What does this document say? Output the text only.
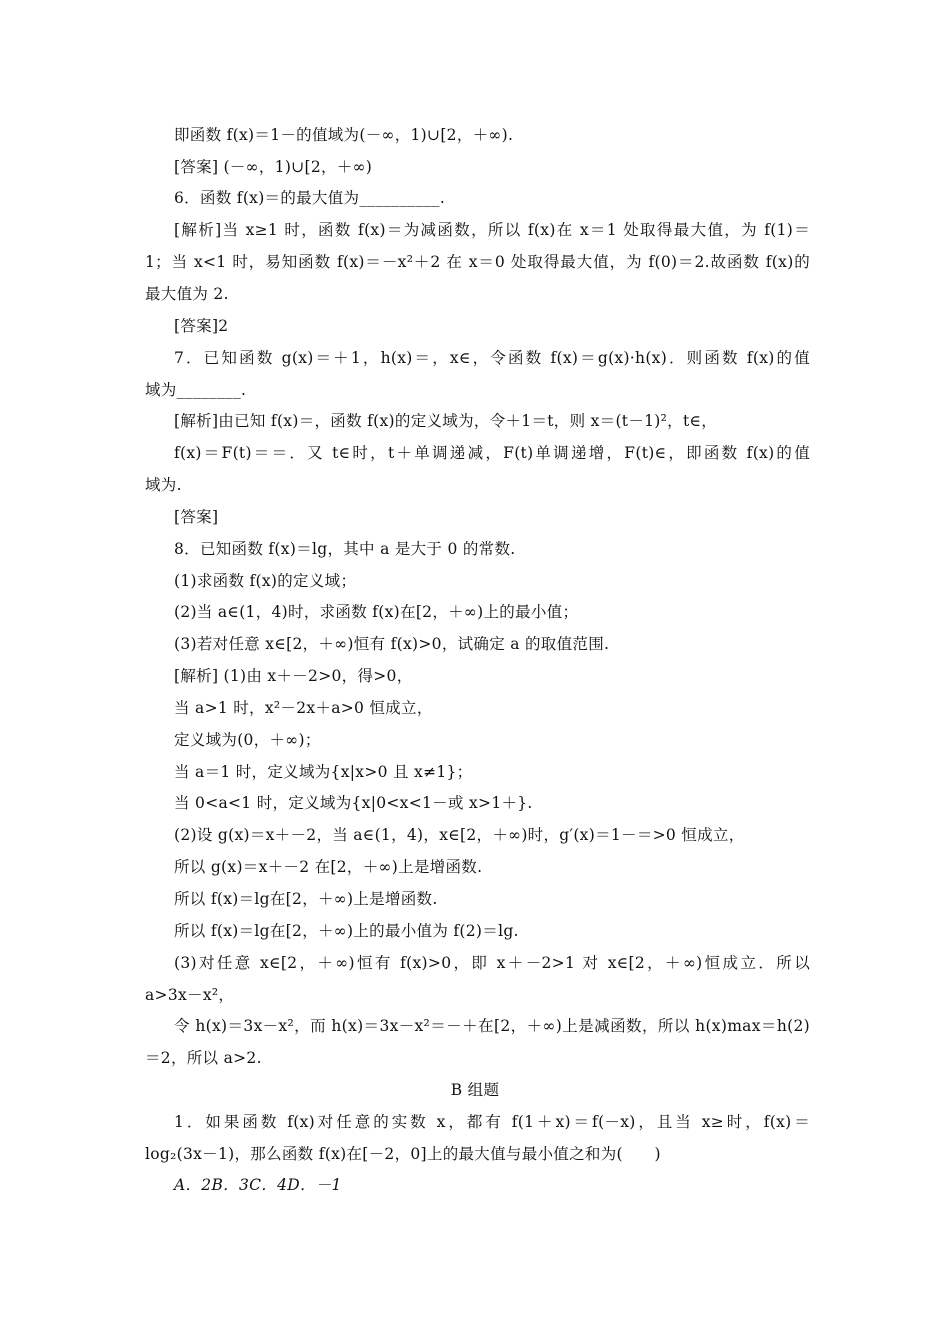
即函数 f(x)＝1－的值域为(－∞，1)∪[2，＋∞).
[答案] (－∞，1)∪[2，＋∞)
6．函数 f(x)＝的最大值为__________.
[解析]当 x≥1 时，函数 f(x)＝为减函数，所以 f(x)在 x＝1 处取得最大值，为 f(1)＝
1；当 x<1 时，易知函数 f(x)＝－x²＋2 在 x＝0 处取得最大值，为 f(0)＝2.故函数 f(x)的
最大值为 2.
[答案]2
7．已知函数 g(x)＝＋1，h(x)＝，x∈，令函数 f(x)＝g(x)·h(x)．则函数 f(x)的值
域为________.
[解析]由已知 f(x)＝，函数 f(x)的定义域为，令＋1＝t，则 x＝(t－1)²，t∈，
f(x)＝F(t)＝＝．又 t∈时，t＋单调递减，F(t)单调递增，F(t)∈，即函数 f(x)的值
域为.
[答案]
8．已知函数 f(x)＝lg，其中 a 是大于 0 的常数.
(1)求函数 f(x)的定义域；
(2)当 a∈(1，4)时，求函数 f(x)在[2，＋∞)上的最小值；
(3)若对任意 x∈[2，＋∞)恒有 f(x)>0，试确定 a 的取值范围.
[解析] (1)由 x＋－2>0，得>0，
当 a>1 时，x²－2x＋a>0 恒成立，
定义域为(0，＋∞)；
当 a＝1 时，定义域为{x|x>0 且 x≠1}；
当 0<a<1 时，定义域为{x|0<x<1－或 x>1＋}.
(2)设 g(x)＝x＋－2，当 a∈(1，4)，x∈[2，＋∞)时，g′(x)＝1－＝>0 恒成立，
所以 g(x)＝x＋－2 在[2，＋∞)上是增函数.
所以 f(x)＝lg在[2，＋∞)上是增函数.
所以 f(x)＝lg在[2，＋∞)上的最小值为 f(2)＝lg.
(3)对任意 x∈[2，＋∞)恒有 f(x)>0，即 x＋－2>1 对 x∈[2，＋∞)恒成立．所以
a>3x－x²，
令 h(x)＝3x－x²，而 h(x)＝3x－x²＝－＋在[2，＋∞)上是减函数，所以 h(x)max＝h(2)
＝2，所以 a>2.
B 组题
1．如果函数 f(x)对任意的实数 x，都有 f(1＋x)＝f(－x)，且当 x≥时，f(x)＝
log₂(3x－1)，那么函数 f(x)在[－2，0]上的最大值与最小值之和为(　　)
A．2B．3C．4D．－1
